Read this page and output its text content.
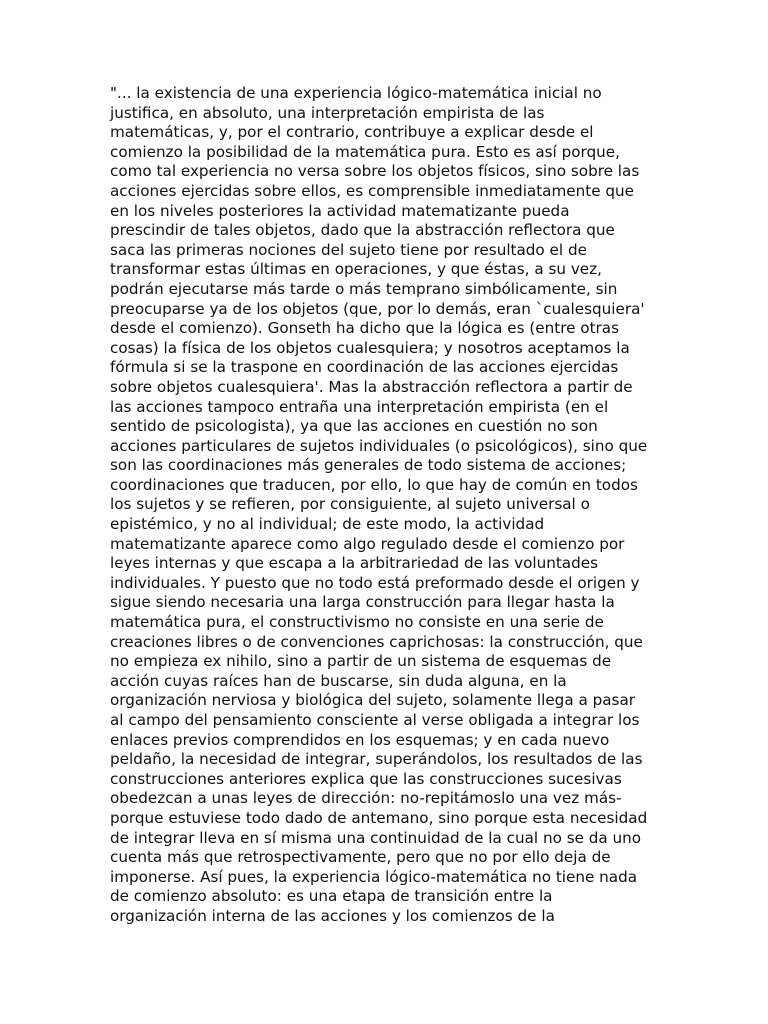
"... la existencia de una experiencia lógico-matemática inicial no
justifica, en absoluto, una interpretación empirista de las
matemáticas, y, por el contrario, contribuye a explicar desde el
comienzo la posibilidad de la matemática pura. Esto es así porque,
como tal experiencia no versa sobre los objetos físicos, sino sobre las
acciones ejercidas sobre ellos, es comprensible inmediatamente que
en los niveles posteriores la actividad matematizante pueda
prescindir de tales objetos, dado que la abstracción reflectora que
saca las primeras nociones del sujeto tiene por resultado el de
transformar estas últimas en operaciones, y que éstas, a su vez,
podrán ejecutarse más tarde o más temprano simbólicamente, sin
preocuparse ya de los objetos (que, por lo demás, eran `cualesquiera'
desde el comienzo). Gonseth ha dicho que la lógica es (entre otras
cosas) la física de los objetos cualesquiera; y nosotros aceptamos la
fórmula si se la traspone en coordinación de las acciones ejercidas
sobre objetos cualesquiera'. Mas la abstracción reflectora a partir de
las acciones tampoco entraña una interpretación empirista (en el
sentido de psicologista), ya que las acciones en cuestión no son
acciones particulares de sujetos individuales (o psicológicos), sino que
son las coordinaciones más generales de todo sistema de acciones;
coordinaciones que traducen, por ello, lo que hay de común en todos
los sujetos y se refieren, por consiguiente, al sujeto universal o
epistémico, y no al individual; de este modo, la actividad
matematizante aparece como algo regulado desde el comienzo por
leyes internas y que escapa a la arbitrariedad de las voluntades
individuales. Y puesto que no todo está preformado desde el origen y
sigue siendo necesaria una larga construcción para llegar hasta la
matemática pura, el constructivismo no consiste en una serie de
creaciones libres o de convenciones caprichosas: la construcción, que
no empieza ex nihilo, sino a partir de un sistema de esquemas de
acción cuyas raíces han de buscarse, sin duda alguna, en la
organización nerviosa y biológica del sujeto, solamente llega a pasar
al campo del pensamiento consciente al verse obligada a integrar los
enlaces previos comprendidos en los esquemas; y en cada nuevo
peldaño, la necesidad de integrar, superándolos, los resultados de las
construcciones anteriores explica que las construcciones sucesivas
obedezcan a unas leyes de dirección: no-repitámoslo una vez más-
porque estuviese todo dado de antemano, sino porque esta necesidad
de integrar lleva en sí misma una continuidad de la cual no se da uno
cuenta más que retrospectivamente, pero que no por ello deja de
imponerse. Así pues, la experiencia lógico-matemática no tiene nada
de comienzo absoluto: es una etapa de transición entre la
organización interna de las acciones y los comienzos de la
